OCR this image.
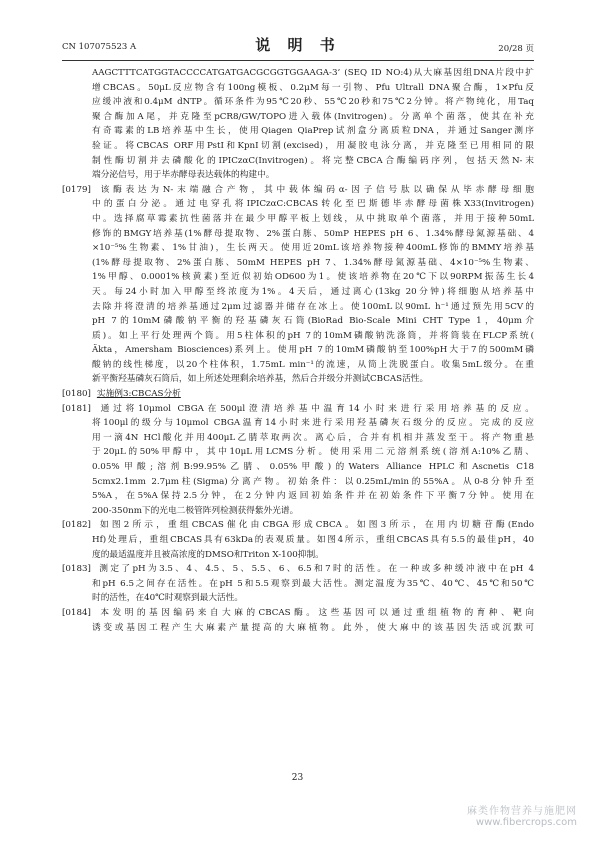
CN 107075523 A	说 明 书	20/28 页
AAGCTTTCATGGTACCCCATGATGACGCGGTGGAAGA-3’ (SEQ ID NO:4)从大麻基因组DNA片段中扩
增CBCAS。50μL反应物含有100ng模板、0.2μM每一引物、Pfu Ultrall DNA聚合酶，1×Pfu反
应缓冲液和0.4μM dNTP。循环条件为95℃20秒、55℃20秒和75℃2分钟。将产物纯化，用Taq
聚合酶加A尾，并克隆至pCR8/GW/TOPO进入载体(Invitrogen)。分离单个菌落，使其在补充
有奇霉素的LB培养基中生长，使用Qiagen QiaPrep试剂盒分离质粒DNA，并通过Sanger测序
验证。将CBCAS ORF用PstI和KpnI切割(excised)，用凝胶电泳分离，并克隆至已用相同的限
制性酶切割并去磷酸化的IPICzαC(Invitrogen)。将完整CBCA合酶编码序列，包括天然N-末
端分泌信号，用于毕赤酵母表达载体的构建中。
[0179] 该酶表达为N-末端融合产物，其中载体编码α-因子信号肽以确保从毕赤酵母细胞
中的蛋白分泌。通过电穿孔将IPICzαC:CBCAS转化至巴斯德毕赤酵母菌株X33(Invitrogen)
中。选择腐草霉素抗性菌落并在最少甲醇平板上划线，从中挑取单个菌落，并用于接种50mL
修饰的BMGY培养基(1%酵母提取物、2%蛋白胨、50mP HEPES pH 6、1.34%酵母氮源基础、4
×10⁻⁵%生物素、1%甘油)，生长两天。使用近20mL该培养物接种400mL修饰的BMMY培养基
(1%酵母提取物、2%蛋白胨、50mM HEPES pH 7、1.34%酵母氮源基础、4×10⁻⁵%生物素、
1%甲醇、0.0001%核黄素)至近似初始OD600为1。使该培养物在20℃下以90RPM振荡生长4
天。每24小时加入甲醇至终浓度为1%。4天后，通过离心(13kg 20分钟)将细胞从培养基中
去除并将澄清的培养基通过2μm过滤器并储存在冰上。使100mL以90mL h⁻¹通过预先用5CV的
pH 7的10mM磷酸钠平衡的羟基磷灰石筒(BioRad Bio-Scale Mini CHT Type 1，40μm介
质)。如上平行处理两个筒。用5柱体积的pH 7的10mM磷酸钠洗涤筒，并将筒装在FLCP系统(
Äkta，Amersham Biosciences)系列上。使用pH 7的10mM磷酸钠至100%pH大于7的500mM磷
酸钠的线性梯度，以20个柱体积，1.75mL min⁻¹的流速，从筒上洗脱蛋白。收集5mL级分。在重
新平衡羟基磷灰石筒后，如上所述处理剩余培养基，然后合并级分并测试CBCAS活性。
[0180] 实施例3:CBCAS分析
[0181] 通过将10μmol CBGA在500μl澄清培养基中温育14小时来进行采用培养基的反应。
将100μl的级分与10μmol CBGA温育14小时来进行采用羟基磷灰石级分的反应。完成的反应
用一滴4N HCl酸化并用400μL乙腈萃取两次。离心后，合并有机相并蒸发至干。将产物重悬
于20μL的50%甲醇中，其中10μL用LCMS分析。使用采用二元溶剂系统(溶剂A:10%乙腈、
0.05%甲酸;溶剂B:99.95%乙腈、0.05%甲酸)的Waters Alliance HPLC和Ascnetis C18
5cmx2.1mm 2.7μm柱(Sigma)分离产物。初始条件：以0.25mL/min的55%A。从0-8分钟升至
5%A，在5%A保持2.5分钟，在2分钟内返回初始条件并在初始条件下平衡7分钟。使用在
200-350nm下的光电二极管阵列检测获得紫外光谱。
[0182] 如图2所示，重组CBCAS催化由CBGA形成CBCA。如图3所示，在用内切糖苷酶(Endo
Hf)处理后，重组CBCAS具有63kDa的表观质量。如图4所示，重组CBCAS具有5.5的最佳pH，40
度的最适温度并且被高浓度的DMSO和Triton X-100抑制。
[0183] 测定了pH为3.5、4、4.5、5、5.5、6、6.5和7时的活性。在一种或多种缓冲液中在pH 4
和pH 6.5之间存在活性。在pH 5和5.5观察到最大活性。测定温度为35℃、40℃、45℃和50℃
时的活性，在40℃时观察到最大活性。
[0184] 本发明的基因编码来自大麻的CBCAS酶。这些基因可以通过重组植物的育种、靶向
诱变或基因工程产生大麻素产量提高的大麻植物。此外，使大麻中的该基因失活或沉默可
23
麻类作物营养与施肥网
www.fibercrops.com
